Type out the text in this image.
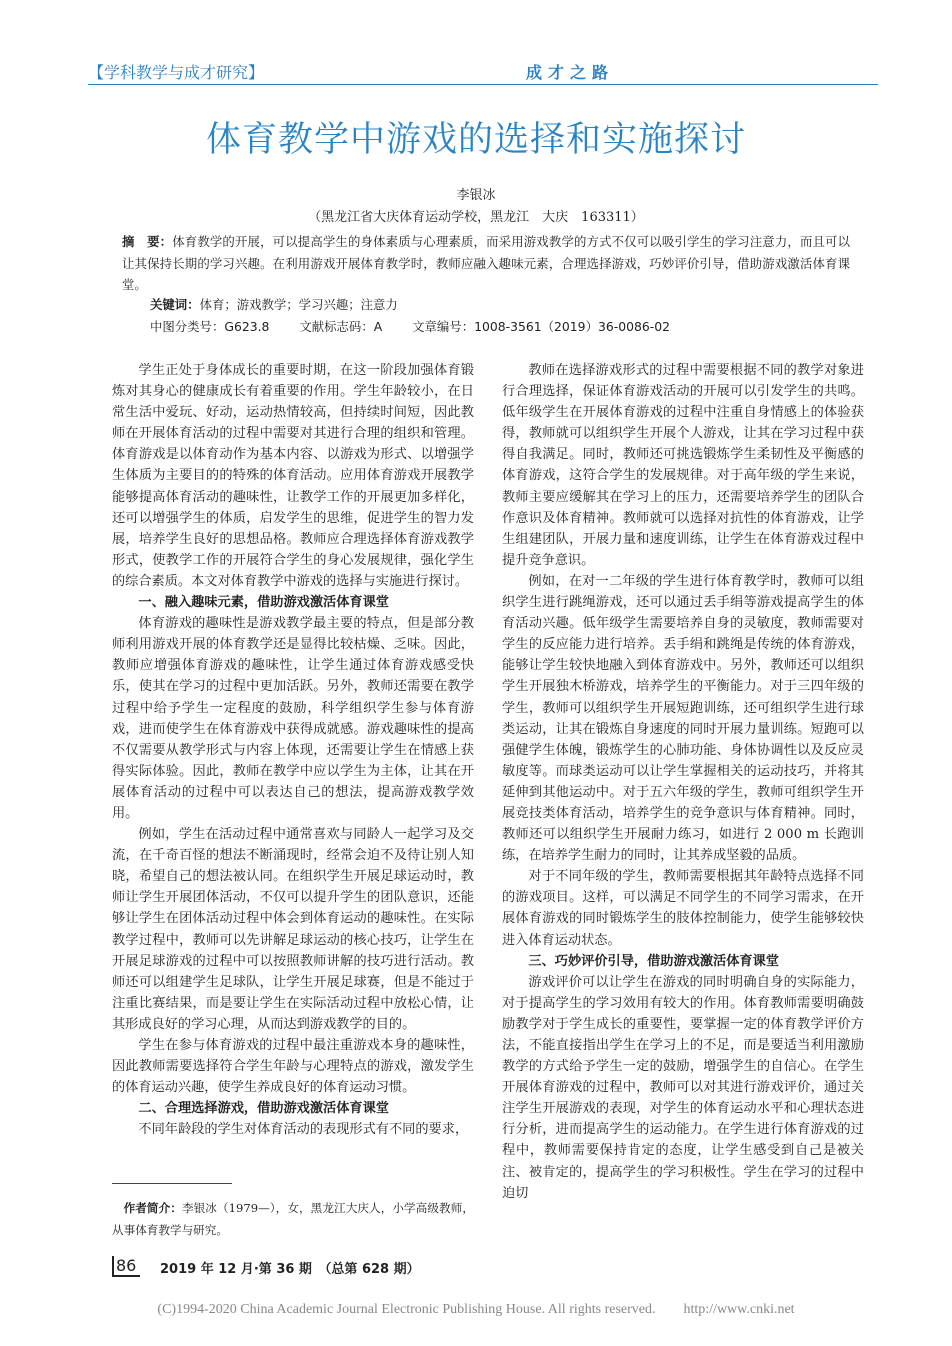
【学科教学与成才研究】	成才之路
体育教学中游戏的选择和实施探讨
李银冰
（黑龙江省大庆体育运动学校，黑龙江　大庆　163311）
摘　要：体育教学的开展，可以提高学生的身体素质与心理素质，而采用游戏教学的方式不仅可以吸引学生的学习注意力，而且可以让其保持长期的学习兴趣。在利用游戏开展体育教学时，教师应融入趣味元素，合理选择游戏，巧妙评价引导，借助游戏激活体育课堂。
关键词：体育；游戏教学；学习兴趣；注意力
中图分类号：G623.8 文献标志码：A 文章编号：1008-3561（2019）36-0086-02

学生正处于身体成长的重要时期，在这一阶段加强体育锻炼对其身心的健康成长有着重要的作用。学生年龄较小，在日常生活中爱玩、好动，运动热情较高，但持续时间短，因此教师在开展体育活动的过程中需要对其进行合理的组织和管理。体育游戏是以体育动作为基本内容、以游戏为形式、以增强学生体质为主要目的的特殊的体育活动。应用体育游戏开展教学能够提高体育活动的趣味性，让教学工作的开展更加多样化，还可以增强学生的体质，启发学生的思维，促进学生的智力发展，培养学生良好的思想品格。教师应合理选择体育游戏教学形式，使教学工作的开展符合学生的身心发展规律，强化学生的综合素质。本文对体育教学中游戏的选择与实施进行探讨。

一、融入趣味元素，借助游戏激活体育课堂

体育游戏的趣味性是游戏教学最主要的特点，但是部分教师利用游戏开展的体育教学还是显得比较枯燥、乏味。因此，教师应增强体育游戏的趣味性，让学生通过体育游戏感受快乐，使其在学习的过程中更加活跃。另外，教师还需要在教学过程中给予学生一定程度的鼓励，科学组织学生参与体育游戏，进而使学生在体育游戏中获得成就感。游戏趣味性的提高不仅需要从教学形式与内容上体现，还需要让学生在情感上获得实际体验。因此，教师在教学中应以学生为主体，让其在开展体育活动的过程中可以表达自己的想法，提高游戏教学效用。

例如，学生在活动过程中通常喜欢与同龄人一起学习及交流，在千奇百怪的想法不断涌现时，经常会迫不及待让别人知晓，希望自己的想法被认同。在组织学生开展足球运动时，教师让学生开展团体活动，不仅可以提升学生的团队意识，还能够让学生在团体活动过程中体会到体育运动的趣味性。在实际教学过程中，教师可以先讲解足球运动的核心技巧，让学生在开展足球游戏的过程中可以按照教师讲解的技巧进行活动。教师还可以组建学生足球队，让学生开展足球赛，但是不能过于注重比赛结果，而是要让学生在实际活动过程中放松心情，让其形成良好的学习心理，从而达到游戏教学的目的。

学生在参与体育游戏的过程中最注重游戏本身的趣味性，因此教师需要选择符合学生年龄与心理特点的游戏，激发学生的体育运动兴趣，使学生养成良好的体育运动习惯。

二、合理选择游戏，借助游戏激活体育课堂

不同年龄段的学生对体育活动的表现形式有不同的要求，

教师在选择游戏形式的过程中需要根据不同的教学对象进行合理选择，保证体育游戏活动的开展可以引发学生的共鸣。低年级学生在开展体育游戏的过程中注重自身情感上的体验获得，教师就可以组织学生开展个人游戏，让其在学习过程中获得自我满足。同时，教师还可挑选锻炼学生柔韧性及平衡感的体育游戏，这符合学生的发展规律。对于高年级的学生来说，教师主要应缓解其在学习上的压力，还需要培养学生的团队合作意识及体育精神。教师就可以选择对抗性的体育游戏，让学生组建团队，开展力量和速度训练，让学生在体育游戏过程中提升竞争意识。

例如，在对一二年级的学生进行体育教学时，教师可以组织学生进行跳绳游戏，还可以通过丢手绢等游戏提高学生的体育活动兴趣。低年级学生需要培养自身的灵敏度，教师需要对学生的反应能力进行培养。丢手绢和跳绳是传统的体育游戏，能够让学生较快地融入到体育游戏中。另外，教师还可以组织学生开展独木桥游戏，培养学生的平衡能力。对于三四年级的学生，教师可以组织学生开展短跑训练，还可组织学生进行球类运动，让其在锻炼自身速度的同时开展力量训练。短跑可以强健学生体魄，锻炼学生的心肺功能、身体协调性以及反应灵敏度等。而球类运动可以让学生掌握相关的运动技巧，并将其延伸到其他运动中。对于五六年级的学生，教师可组织学生开展竞技类体育活动，培养学生的竞争意识与体育精神。同时，教师还可以组织学生开展耐力练习，如进行 2 000 m 长跑训练，在培养学生耐力的同时，让其养成坚毅的品质。

对于不同年级的学生，教师需要根据其年龄特点选择不同的游戏项目。这样，可以满足不同学生的不同学习需求，在开展体育游戏的同时锻炼学生的肢体控制能力，使学生能够较快进入体育运动状态。

三、巧妙评价引导，借助游戏激活体育课堂

游戏评价可以让学生在游戏的同时明确自身的实际能力，对于提高学生的学习效用有较大的作用。体育教师需要明确鼓励教学对于学生成长的重要性，要掌握一定的体育教学评价方法，不能直接指出学生在学习上的不足，而是要适当利用激励教学的方式给予学生一定的鼓励，增强学生的自信心。在学生开展体育游戏的过程中，教师可以对其进行游戏评价，通过关注学生开展游戏的表现，对学生的体育运动水平和心理状态进行分析，进而提高学生的运动能力。在学生进行体育游戏的过程中，教师需要保持肯定的态度，让学生感受到自己是被关注、被肯定的，提高学生的学习积极性。学生在学习的过程中迫切

作者简介：李银冰（1979—），女，黑龙江大庆人，小学高级教师，从事体育教学与研究。
86	2019 年 12 月·第 36 期　（总第 628 期）
(C)1994-2020 China Academic Journal Electronic Publishing House. All rights reserved.　　http://www.cnki.net
